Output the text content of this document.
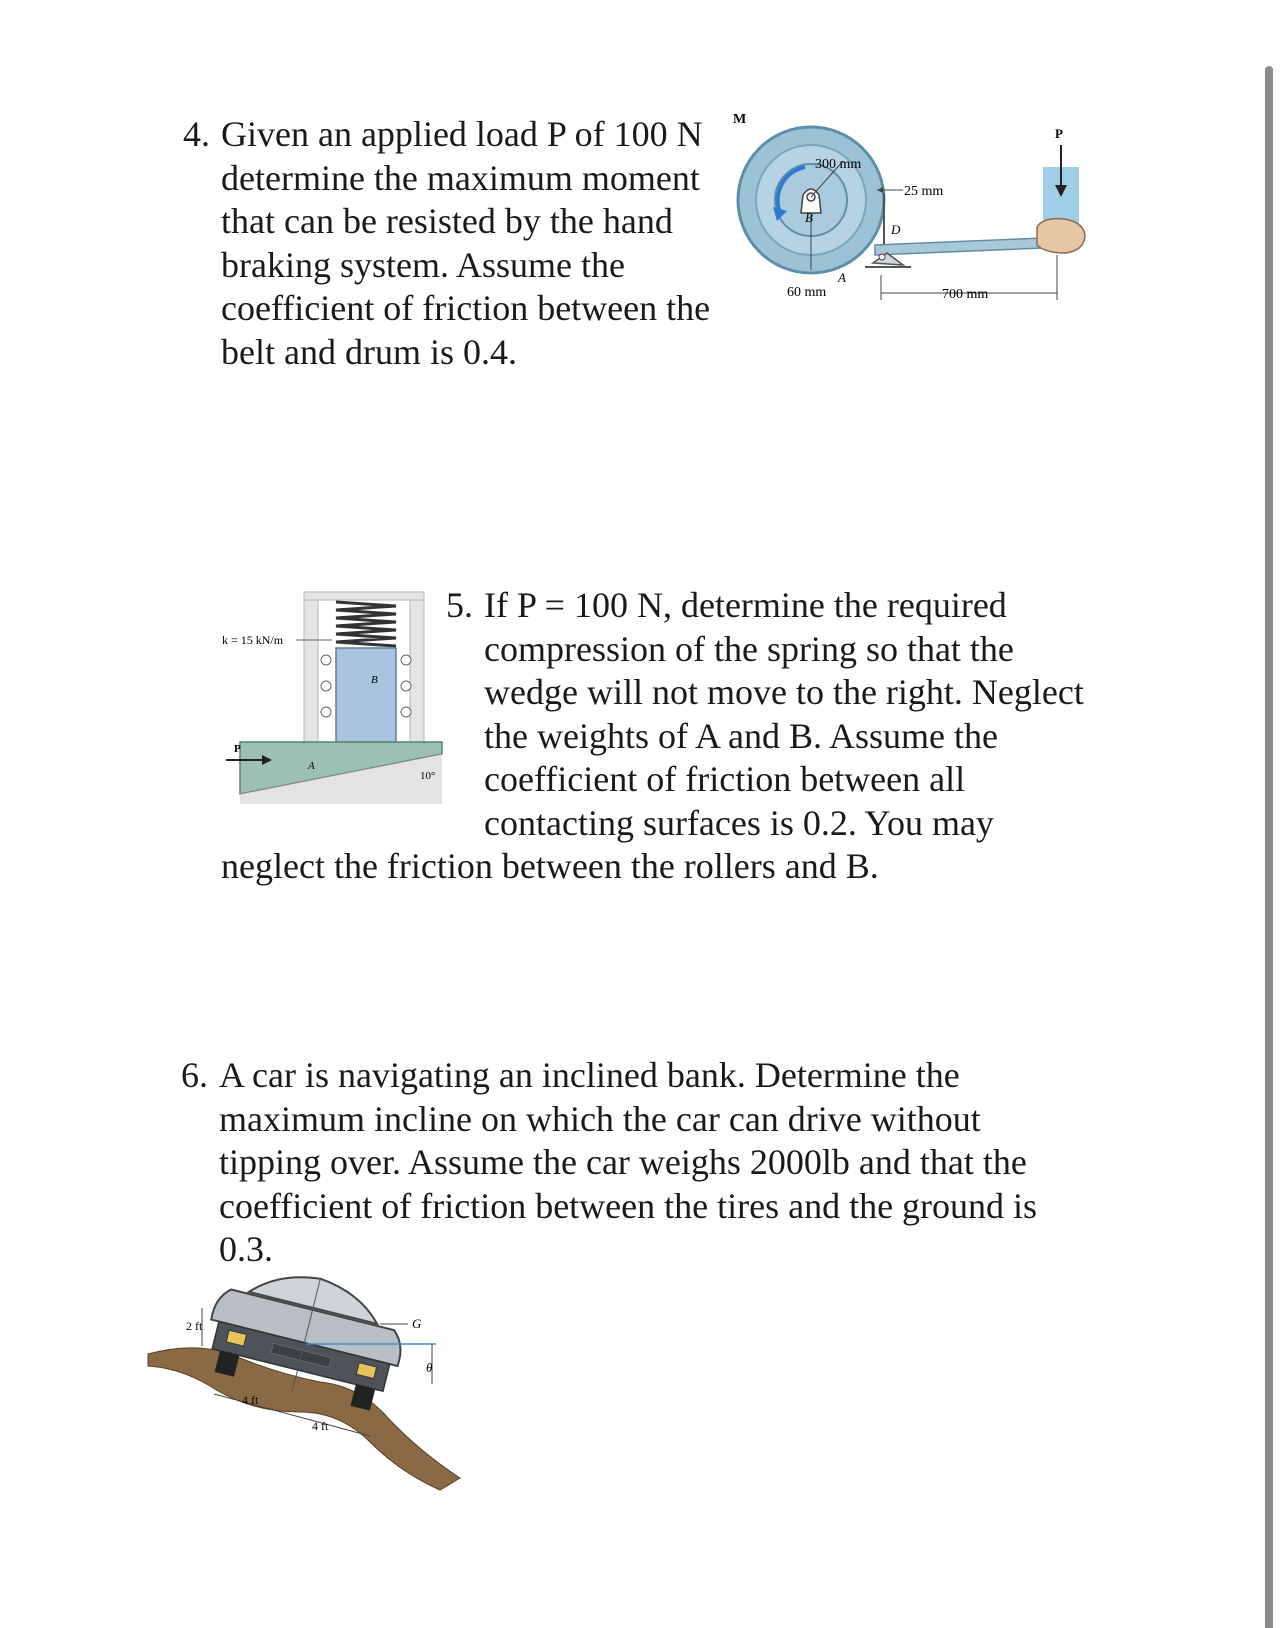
4. Given an applied load P of 100 N
determine the maximum moment
that can be resisted by the hand
braking system. Assume the
coefficient of friction between the
belt and drum is 0.4.
M
300 mm
B
25 mm
D
A
60 mm	700 mm
P
B
k = 15 kN/m
A
10°
P
5. If P = 100 N, determine the required
compression of the spring so that the
wedge will not move to the right. Neglect
the weights of A and B. Assume the
coefficient of friction between all
contacting surfaces is 0.2. You may
neglect the friction between the rollers and B.
6. A car is navigating an inclined bank. Determine the
maximum incline on which the car can drive without
tipping over. Assume the car weighs 2000lb and that the
coefficient of friction between the tires and the ground is
0.3.
G
θ
2 ft
4 ft
4 ft
